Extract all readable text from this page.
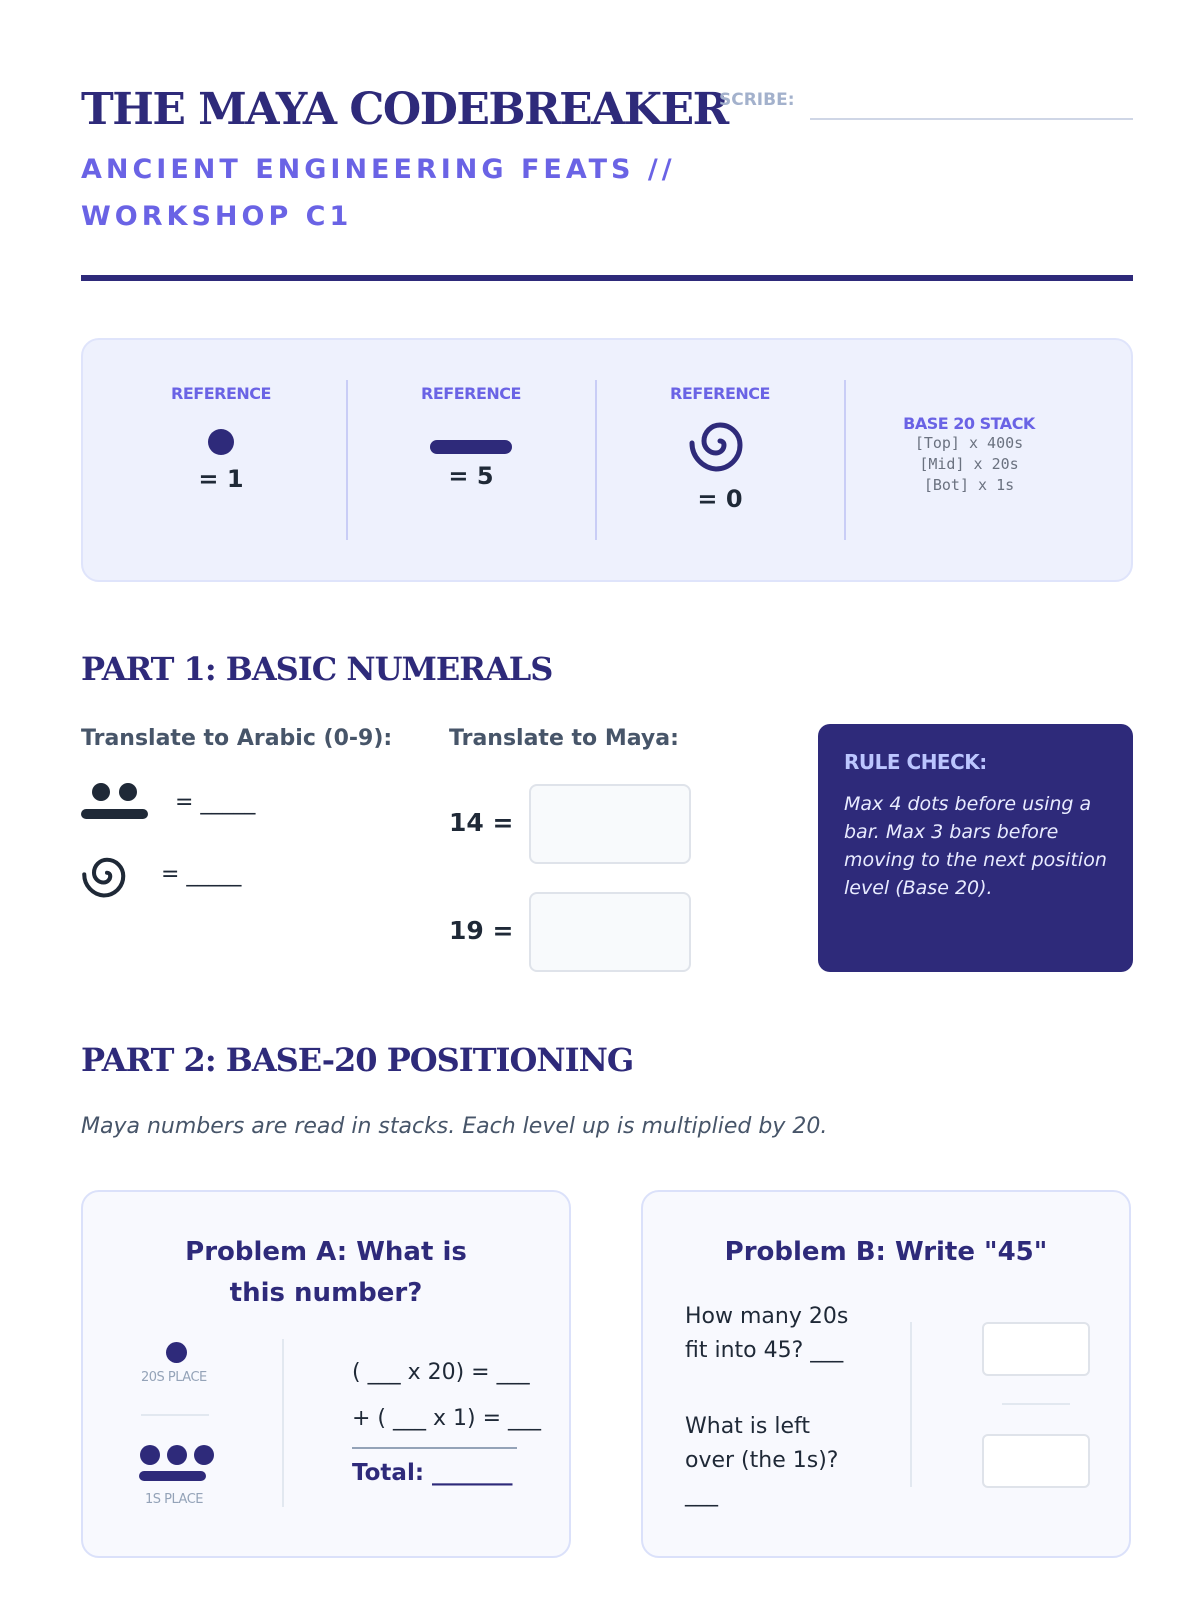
THE MAYA CODEBREAKER
SCRIBE:
ANCIENT ENGINEERING FEATS // WORKSHOP C1
REFERENCE
= 1
REFERENCE
= 5
REFERENCE
= 0
BASE 20 STACK
[Top] x 400s
[Mid] x 20s
[Bot] x 1s
PART 1: BASIC NUMERALS
Translate to Arabic (0-9):
= _____
= _____
Translate to Maya:
14 =
19 =
RULE CHECK:
Max 4 dots before using a bar. Max 3 bars before moving to the next position level (Base 20).
PART 2: BASE-20 POSITIONING
Maya numbers are read in stacks. Each level up is multiplied by 20.
Problem A: What is this number?
20S PLACE
1S PLACE
( ___ x 20) = ___
+ ( ___ x 1) = ___
Total: _______
Problem B: Write "45"
How many 20s fit into 45? ___
What is left over (the 1s)? ___
